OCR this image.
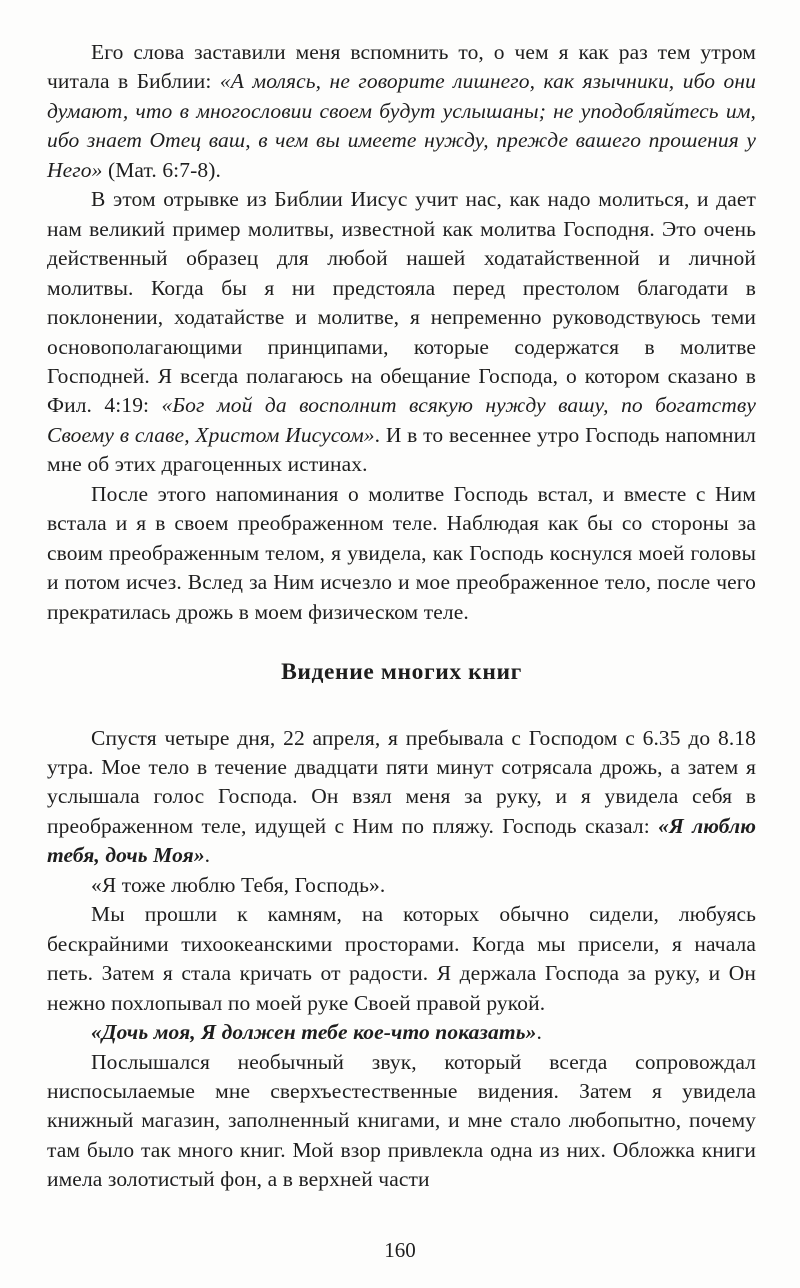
Его слова заставили меня вспомнить то, о чем я как раз тем утром читала в Библии: «А молясь, не говорите лишнего, как язычники, ибо они думают, что в многословии своем будут услышаны; не уподобляйтесь им, ибо знает Отец ваш, в чем вы имеете нужду, прежде вашего прошения у Него» (Мат. 6:7-8).

В этом отрывке из Библии Иисус учит нас, как надо молиться, и дает нам великий пример молитвы, известной как молитва Господня. Это очень действенный образец для любой нашей ходатайственной и личной молитвы. Когда бы я ни предстояла перед престолом благодати в поклонении, ходатайстве и молитве, я непременно руководствуюсь теми основополагающими принципами, которые содержатся в молитве Господней. Я всегда полагаюсь на обещание Господа, о котором сказано в Фил. 4:19: «Бог мой да восполнит всякую нужду вашу, по богатству Своему в славе, Христом Иисусом». И в то весеннее утро Господь напомнил мне об этих драгоценных истинах.

После этого напоминания о молитве Господь встал, и вместе с Ним встала и я в своем преображенном теле. Наблюдая как бы со стороны за своим преображенным телом, я увидела, как Господь коснулся моей головы и потом исчез. Вслед за Ним исчезло и мое преображенное тело, после чего прекратилась дрожь в моем физическом теле.

Видение многих книг

Спустя четыре дня, 22 апреля, я пребывала с Господом с 6.35 до 8.18 утра. Мое тело в течение двадцати пяти минут сотрясала дрожь, а затем я услышала голос Господа. Он взял меня за руку, и я увидела себя в преображенном теле, идущей с Ним по пляжу. Господь сказал: «Я люблю тебя, дочь Моя».

«Я тоже люблю Тебя, Господь».

Мы прошли к камням, на которых обычно сидели, любуясь бескрайними тихоокеанскими просторами. Когда мы присели, я начала петь. Затем я стала кричать от радости. Я держала Господа за руку, и Он нежно похлопывал по моей руке Своей правой рукой.

«Дочь моя, Я должен тебе кое-что показать».

Послышался необычный звук, который всегда сопровождал ниспосылаемые мне сверхъестественные видения. Затем я увидела книжный магазин, заполненный книгами, и мне стало любопытно, почему там было так много книг. Мой взор привлекла одна из них. Обложка книги имела золотистый фон, а в верхней части

160
